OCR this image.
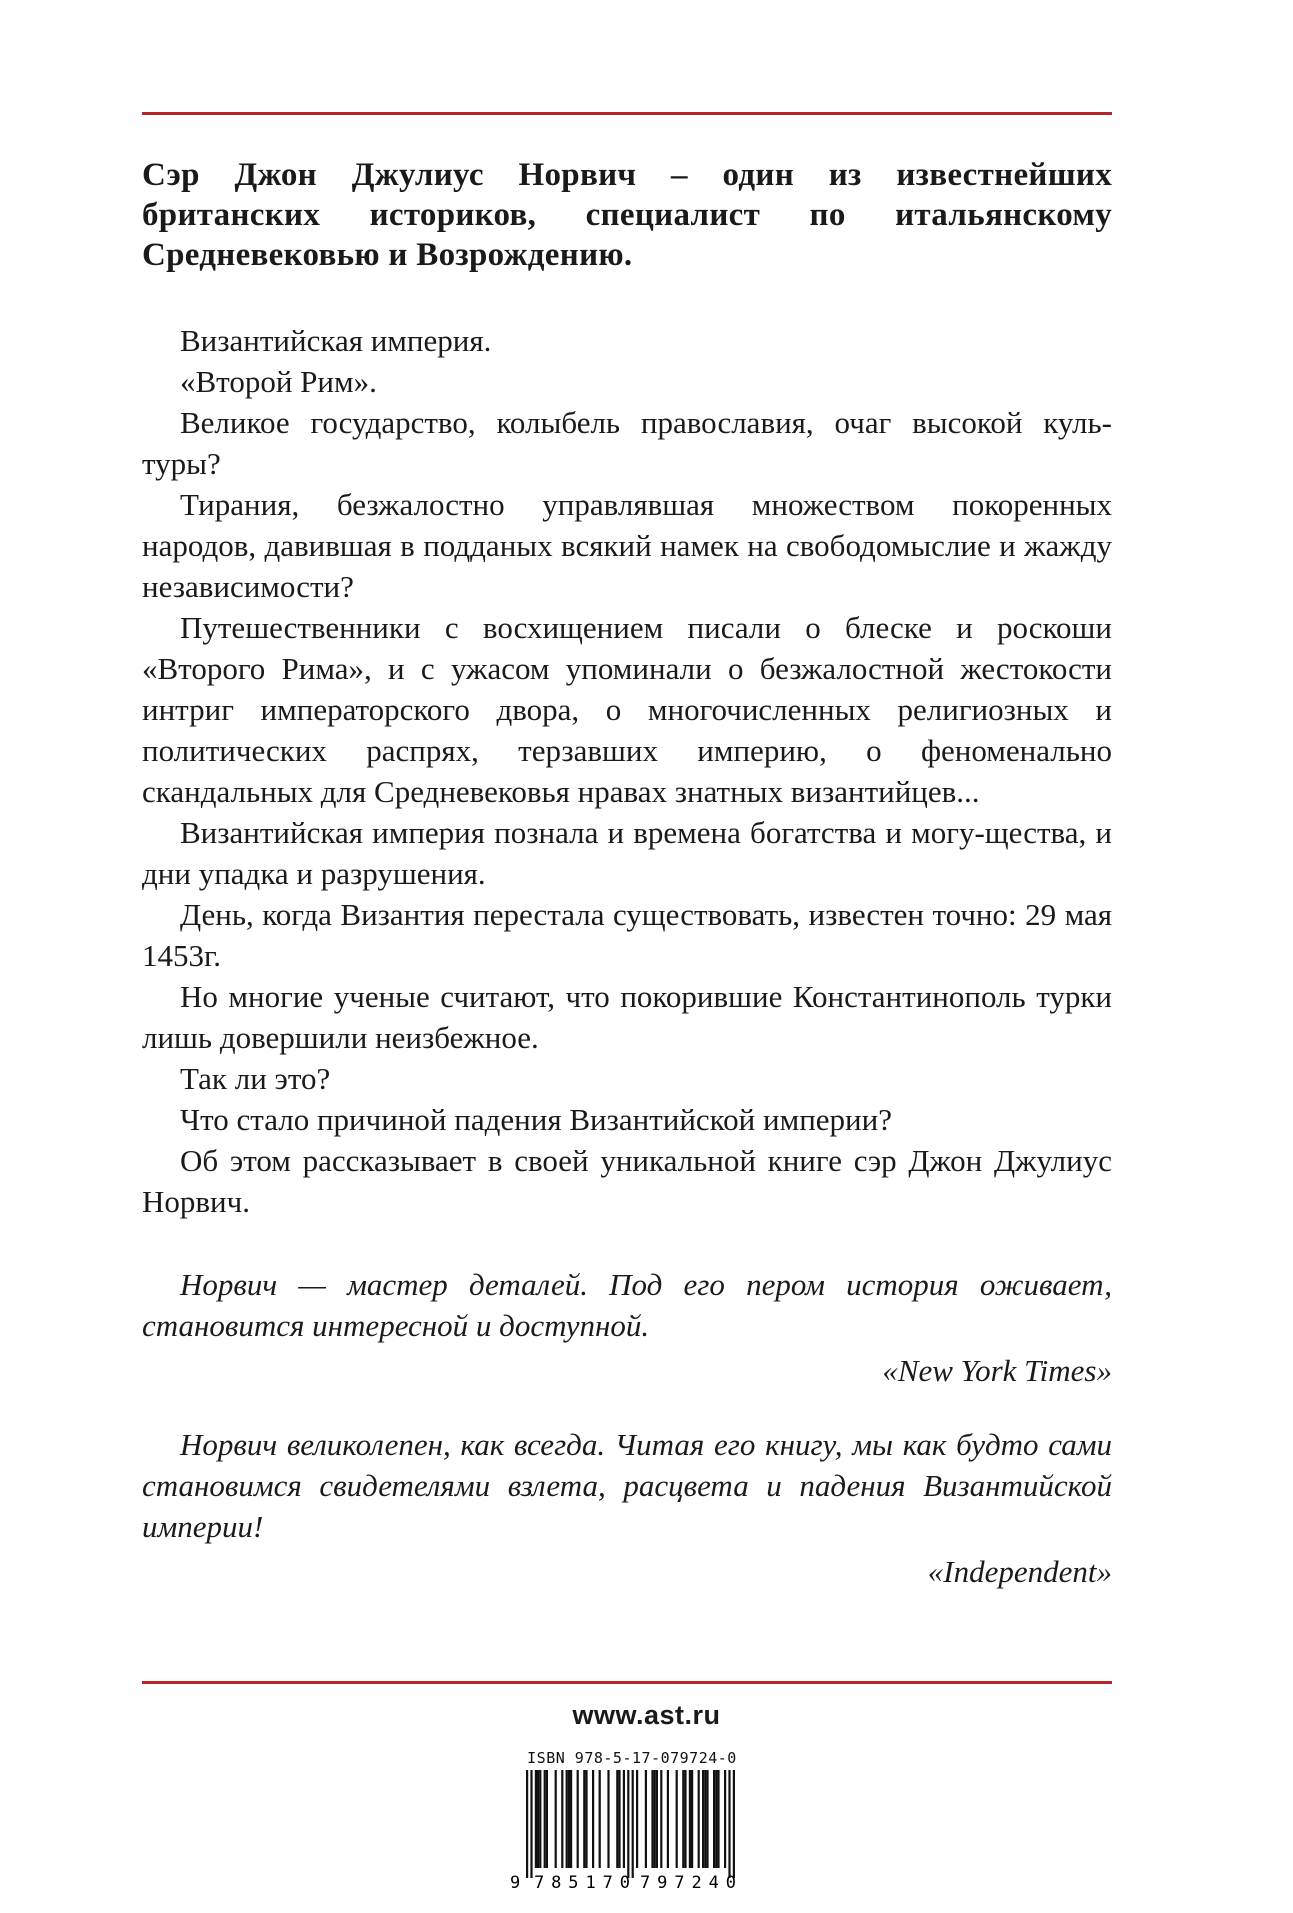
Сэр Джон Джулиус Норвич – один из известнейших британских историков, специалист по итальянскому Средневековью и Возрождению.

Византийская империя.

«Второй Рим».

Великое государство, колыбель православия, очаг высокой куль-туры?

Тирания, безжалостно управлявшая множеством покоренных народов, давившая в подданых всякий намек на свободомыслие и жажду независимости?

Путешественники с восхищением писали о блеске и роскоши «Второго Рима», и с ужасом упоминали о безжалостной жестокости интриг императорского двора, о многочисленных религиозных и политических распрях, терзавших империю, о феноменально скандальных для Средневековья нравах знатных византийцев...

Византийская империя познала и времена богатства и могу-щества, и дни упадка и разрушения.

День, когда Византия перестала существовать, известен точно: 29 мая 1453г.

Но многие ученые считают, что покорившие Константинополь турки лишь довершили неизбежное.

Так ли это?

Что стало причиной падения Византийской империи?

Об этом рассказывает в своей уникальной книге сэр Джон Джулиус Норвич.

Норвич — мастер деталей. Под его пером история оживает, становится интересной и доступной.

«New York Times»

Норвич великолепен, как всегда. Читая его книгу, мы как будто сами становимся свидетелями взлета, расцвета и падения Византийской империи!

«Independent»
www.ast.ru
ISBN 978-5-17-079724-0
9 785170 797240
